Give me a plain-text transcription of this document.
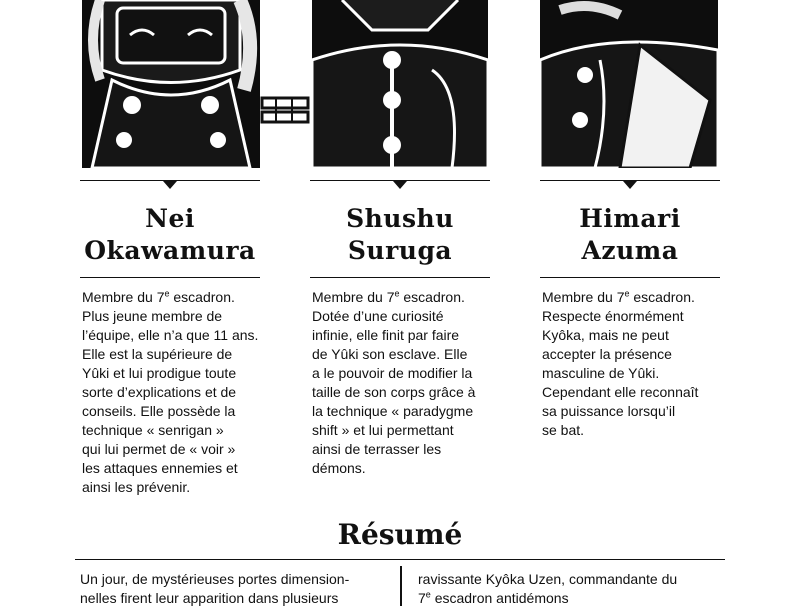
Nei
Okawamura

Membre du 7e escadron.

Plus jeune membre de

l’équipe, elle n’a que 11 ans.

Elle est la supérieure de

Yûki et lui prodigue toute

sorte d’explications et de

conseils. Elle possède la

technique « senrigan »

qui lui permet de « voir »

les attaques ennemies et

ainsi les prévenir.

Shushu
Suruga

Membre du 7e escadron.

Dotée d’une curiosité

infinie, elle finit par faire

de Yûki son esclave. Elle

a le pouvoir de modifier la

taille de son corps grâce à

la technique « paradygme

shift » et lui permettant

ainsi de terrasser les

démons.

Himari
Azuma

Membre du 7e escadron.

Respecte énormément

Kyôka, mais ne peut

accepter la présence

masculine de Yûki.

Cependant elle reconnaît

sa puissance lorsqu’il

se bat.

Résumé

Un jour, de mystérieuses portes dimension-

nelles firent leur apparition dans plusieurs

ravissante Kyôka Uzen, commandante du

7e escadron antidémons
